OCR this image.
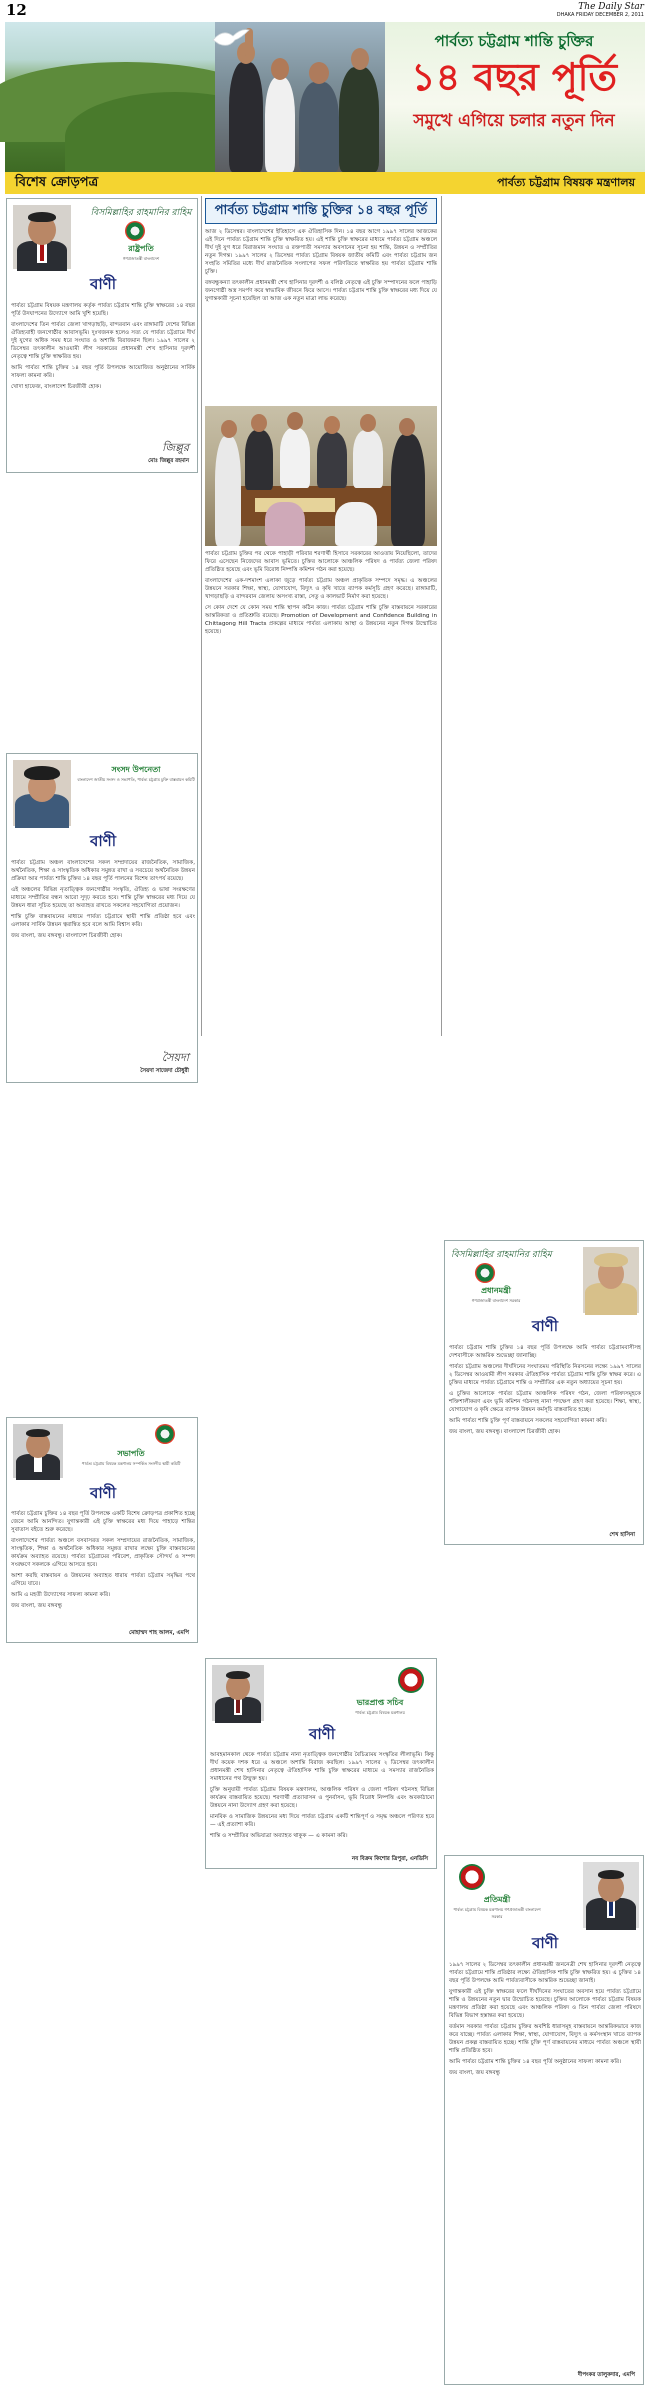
12	The Daily Star
DHAKA FRIDAY DECEMBER 2, 2011
পার্বত্য চট্টগ্রাম শান্তি চুক্তির
১৪ বছর পূর্তি
সমুখে এগিয়ে চলার নতুন দিন
বিশেষ ক্রোড়পত্র	পার্বত্য চট্টগ্রাম বিষয়ক মন্ত্রণালয়
বিসমিল্লাহির রাহমানির রাহিম
রাষ্ট্রপতি
গণপ্রজাতন্ত্রী বাংলাদেশ
বাণী

পার্বত্য চট্টগ্রাম বিষয়ক মন্ত্রণালয় কর্তৃক পার্বত্য চট্টগ্রাম শান্তি চুক্তি স্বাক্ষরের ১৪ বছর পূর্তি উদযাপনের উদ্যোগে আমি খুশি হয়েছি।

বাংলাদেশের তিন পার্বত্য জেলা খাগড়াছড়ি, বান্দরবান এবং রাঙ্গামাটি দেশের বিভিন্ন ঐতিহ্যবাহী জনগোষ্ঠীর আবাসভূমি। দুঃখজনক হলেও সত্য যে পার্বত্য চট্টগ্রামে দীর্ঘ দুই যুগের অধিক সময় ধরে সংঘাত ও অশান্তি বিরাজমান ছিল। ১৯৯৭ সালের ২ ডিসেম্বর তৎকালীন আওয়ামী লীগ সরকারের প্রধানমন্ত্রী শেখ হাসিনার দূরদর্শী নেতৃত্বে শান্তি চুক্তি স্বাক্ষরিত হয়।

আমি পার্বত্য শান্তি চুক্তির ১৪ বছর পূর্তি উপলক্ষে আয়োজিত অনুষ্ঠানের সার্বিক সাফল্য কামনা করি।

খোদা হাফেজ, বাংলাদেশ চিরজীবী হোক।

জিল্লুর
মোঃ জিল্লুর রহমান
সংসদ উপনেতা
বাংলাদেশ জাতীয় সংসদ ও সভাপতি, পার্বত্য চট্টগ্রাম চুক্তি বাস্তবায়ন কমিটি
বাণী

পার্বত্য চট্টগ্রাম অঞ্চল বাংলাদেশের সকল সম্প্রদায়ের রাজনৈতিক, সামাজিক, অর্থনৈতিক, শিক্ষা ও সাংস্কৃতিক অধিকার সমুন্নত রাখা ও সবচেয়ে অর্থনৈতিক উন্নয়ন প্রক্রিয়া আর পার্বত্য শান্তি চুক্তির ১৪ বছর পূর্তি পালনের বিশেষ তাৎপর্য রয়েছে।

এই অঞ্চলের বিভিন্ন নৃতাত্ত্বিক জনগোষ্ঠীর সংস্কৃতি, ঐতিহ্য ও ভাষা সংরক্ষণের মাধ্যমে সম্প্রীতির বন্ধন আরো সুদৃঢ় করতে হবে। শান্তি চুক্তি স্বাক্ষরের মধ্য দিয়ে যে উন্নয়ন ধারা সূচিত হয়েছে তা অব্যাহত রাখতে সকলের সহযোগিতা প্রয়োজন।

শান্তি চুক্তি বাস্তবায়নের মাধ্যমে পার্বত্য চট্টগ্রামে স্থায়ী শান্তি প্রতিষ্ঠা হবে এবং এলাকার সার্বিক উন্নয়ন ত্বরান্বিত হবে বলে আমি বিশ্বাস করি।

জয় বাংলা, জয় বঙ্গবন্ধু। বাংলাদেশ চিরজীবী হোক।

সৈয়দা
সৈয়দা সাজেদা চৌধুরী
সভাপতি
পার্বত্য চট্টগ্রাম বিষয়ক মন্ত্রণালয় সম্পর্কিত সংসদীয় স্থায়ী কমিটি
বাণী

পার্বত্য চট্টগ্রাম চুক্তির ১৪ বছর পূর্তি উপলক্ষে একটি বিশেষ ক্রোড়পত্র প্রকাশিত হচ্ছে জেনে আমি আনন্দিত। যুগান্তকারী এই চুক্তি স্বাক্ষরের মধ্য দিয়ে পাহাড়ে শান্তির সুবাতাস বইতে শুরু করেছে।

বাংলাদেশের পার্বত্য অঞ্চলে বসবাসরত সকল সম্প্রদায়ের রাজনৈতিক, সামাজিক, সাংস্কৃতিক, শিক্ষা ও অর্থনৈতিক অধিকার সমুন্নত রাখার লক্ষ্যে চুক্তি বাস্তবায়নের কার্যক্রম অব্যাহত রয়েছে। পার্বত্য চট্টগ্রামের পরিবেশ, প্রাকৃতিক সৌন্দর্য ও সম্পদ সংরক্ষণে সকলকে এগিয়ে আসতে হবে।

আশা করছি বাস্তবায়ন ও উন্নয়নের অব্যাহত ধারায় পার্বত্য চট্টগ্রাম সমৃদ্ধির পথে এগিয়ে যাবে।

আমি এ মহতী উদ্যোগের সাফল্য কামনা করি।

জয় বাংলা, জয় বঙ্গবন্ধু

মোহাম্মদ শাহ আলম, এমপি
পার্বত্য চট্টগ্রাম শান্তি চুক্তির ১৪ বছর পূর্তি

আজ ২ ডিসেম্বর। বাংলাদেশের ইতিহাসে এক ঐতিহাসিক দিন। ১৪ বছর আগে ১৯৯৭ সালের আজকের এই দিনে পার্বত্য চট্টগ্রাম শান্তি চুক্তি স্বাক্ষরিত হয়। এই শান্তি চুক্তি স্বাক্ষরের মাধ্যমে পার্বত্য চট্টগ্রাম অঞ্চলে দীর্ঘ দুই যুগ ধরে বিরাজমান সংঘাত ও রক্তপাতী সমস্যার অবসানের সূচনা হয় শান্তি, উন্নয়ন ও সম্প্রীতির নতুন দিগন্ত। ১৯৯৭ সালের ২ ডিসেম্বর পার্বত্য চট্টগ্রাম বিষয়ক জাতীয় কমিটি এবং পার্বত্য চট্টগ্রাম জন সংহতি সমিতির মধ্যে দীর্ঘ রাজনৈতিক সংলাপের সফল পরিণতিতে স্বাক্ষরিত হয় পার্বত্য চট্টগ্রাম শান্তি চুক্তি।

বঙ্গবন্ধুকন্যা তৎকালীন প্রধানমন্ত্রী শেখ হাসিনার দূরদর্শী ও বলিষ্ঠ নেতৃত্বে এই চুক্তি সম্পাদনের ফলে পাহাড়ি জনগোষ্ঠী অস্ত্র সমর্পণ করে স্বাভাবিক জীবনে ফিরে আসে। পার্বত্য চট্টগ্রাম শান্তি চুক্তি স্বাক্ষরের মধ্য দিয়ে যে যুগান্তকারী সূচনা হয়েছিল তা আজ এক নতুন মাত্রা লাভ করেছে।

পার্বত্য চট্টগ্রাম চুক্তির পর থেকে পাহাড়ী পরিবার শরণার্থী হিসাবে সরকারের আওতায় নিয়েছিলো, তাদের ফিরে এসেছেন নিজেদের আবাস ভূমিতে। চুক্তির আলোকে আঞ্চলিক পরিষদ ও পার্বত্য জেলা পরিষদ প্রতিষ্ঠিত হয়েছে এবং ভূমি বিরোধ নিষ্পত্তি কমিশন গঠন করা হয়েছে।

বাংলাদেশের এক-দশমাংশ এলাকা জুড়ে পার্বত্য চট্টগ্রাম অঞ্চল প্রাকৃতিক সম্পদে সমৃদ্ধ। এ অঞ্চলের উন্নয়নে সরকার শিক্ষা, স্বাস্থ্য, যোগাযোগ, বিদ্যুৎ ও কৃষি খাতে ব্যাপক কর্মসূচি গ্রহণ করেছে। রাঙ্গামাটি, খাগড়াছড়ি ও বান্দরবান জেলায় অসংখ্য রাস্তা, সেতু ও কালভার্ট নির্মাণ করা হয়েছে।

সে কোন দেশে যে কোন সময় শান্তি স্থাপন কঠিন কাজ। পার্বত্য চট্টগ্রাম শান্তি চুক্তি বাস্তবায়নে সরকারের আন্তরিকতা ও প্রতিশ্রুতি রয়েছে। Promotion of Development and Confidence Building in Chittagong Hill Tracts প্রকল্পের মাধ্যমে পার্বত্য এলাকায় আস্থা ও উন্নয়নের নতুন দিগন্ত উন্মোচিত হয়েছে।

ভারপ্রাপ্ত সচিব
পার্বত্য চট্টগ্রাম বিষয়ক মন্ত্রণালয়
বাণী

আবহমানকাল থেকে পার্বত্য চট্টগ্রাম নানা নৃতাত্ত্বিক জনগোষ্ঠীর বৈচিত্র্যময় সংস্কৃতির লীলাভূমি। কিন্তু দীর্ঘ কয়েক দশক ধরে এ অঞ্চলে অশান্তি বিরাজ করছিল। ১৯৯৭ সালের ২ ডিসেম্বর তৎকালীন প্রধানমন্ত্রী শেখ হাসিনার নেতৃত্বে ঐতিহাসিক শান্তি চুক্তি স্বাক্ষরের মাধ্যমে এ সমস্যার রাজনৈতিক সমাধানের পথ উন্মুক্ত হয়।

চুক্তি অনুযায়ী পার্বত্য চট্টগ্রাম বিষয়ক মন্ত্রণালয়, আঞ্চলিক পরিষদ ও জেলা পরিষদ গঠনসহ বিভিন্ন কার্যক্রম বাস্তবায়িত হয়েছে। শরণার্থী প্রত্যাবাসন ও পুনর্বাসন, ভূমি বিরোধ নিষ্পত্তি এবং অবকাঠামো উন্নয়নে নানা উদ্যোগ গ্রহণ করা হয়েছে।

মানবিক ও সামাজিক উন্নয়নের মধ্য দিয়ে পার্বত্য চট্টগ্রাম একটি শান্তিপূর্ণ ও সমৃদ্ধ অঞ্চলে পরিণত হবে — এই প্রত্যাশা করি।

শান্তি ও সম্প্রীতির অভিযাত্রা অব্যাহত থাকুক — এ কামনা করি।

নব বিক্রম কিশোর ত্রিপুরা, এনডিসি
বিসমিল্লাহির রাহমানির রাহিম
প্রধানমন্ত্রী
গণপ্রজাতন্ত্রী বাংলাদেশ সরকার
বাণী

পার্বত্য চট্টগ্রাম শান্তি চুক্তির ১৪ বছর পূর্তি উপলক্ষে আমি পার্বত্য চট্টগ্রামবাসীসহ দেশবাসীকে আন্তরিক শুভেচ্ছা জানাচ্ছি।

পার্বত্য চট্টগ্রাম অঞ্চলের দীর্ঘদিনের সংঘাতময় পরিস্থিতি নিরসনের লক্ষ্যে ১৯৯৭ সালের ২ ডিসেম্বর আওয়ামী লীগ সরকার ঐতিহাসিক পার্বত্য চট্টগ্রাম শান্তি চুক্তি স্বাক্ষর করে। এ চুক্তির মাধ্যমে পার্বত্য চট্টগ্রামে শান্তি ও সম্প্রীতির এক নতুন অধ্যায়ের সূচনা হয়।

এ চুক্তির আলোকে পার্বত্য চট্টগ্রাম আঞ্চলিক পরিষদ গঠন, জেলা পরিষদসমূহকে শক্তিশালীকরণ এবং ভূমি কমিশন গঠনসহ নানা পদক্ষেপ গ্রহণ করা হয়েছে। শিক্ষা, স্বাস্থ্য, যোগাযোগ ও কৃষি ক্ষেত্রে ব্যাপক উন্নয়ন কর্মসূচি বাস্তবায়িত হচ্ছে।

আমি পার্বত্য শান্তি চুক্তি পূর্ণ বাস্তবায়নে সকলের সহযোগিতা কামনা করি।

জয় বাংলা, জয় বঙ্গবন্ধু। বাংলাদেশ চিরজীবী হোক।

শেখ হাসিনা
প্রতিমন্ত্রী
পার্বত্য চট্টগ্রাম বিষয়ক মন্ত্রণালয় গণপ্রজাতন্ত্রী বাংলাদেশ সরকার
বাণী

১৯৯৭ সালের ২ ডিসেম্বর তৎকালীন প্রধানমন্ত্রী জননেত্রী শেখ হাসিনার দূরদর্শী নেতৃত্বে পার্বত্য চট্টগ্রামে শান্তি প্রতিষ্ঠার লক্ষ্যে ঐতিহাসিক শান্তি চুক্তি স্বাক্ষরিত হয়। এ চুক্তির ১৪ বছর পূর্তি উপলক্ষে আমি পার্বত্যবাসীকে আন্তরিক শুভেচ্ছা জানাই।

যুগান্তকারী এই চুক্তি স্বাক্ষরের ফলে দীর্ঘদিনের সংঘাতের অবসান হয়ে পার্বত্য চট্টগ্রামে শান্তি ও উন্নয়নের নতুন দ্বার উন্মোচিত হয়েছে। চুক্তির আলোকে পার্বত্য চট্টগ্রাম বিষয়ক মন্ত্রণালয় প্রতিষ্ঠা করা হয়েছে এবং আঞ্চলিক পরিষদ ও তিন পার্বত্য জেলা পরিষদে বিভিন্ন বিভাগ হস্তান্তর করা হয়েছে।

বর্তমান সরকার পার্বত্য চট্টগ্রাম চুক্তির অবশিষ্ট ধারাসমূহ বাস্তবায়নে আন্তরিকভাবে কাজ করে যাচ্ছে। পার্বত্য এলাকার শিক্ষা, স্বাস্থ্য, যোগাযোগ, বিদ্যুৎ ও কর্মসংস্থান খাতে ব্যাপক উন্নয়ন প্রকল্প বাস্তবায়িত হচ্ছে। শান্তি চুক্তি পূর্ণ বাস্তবায়নের মাধ্যমে পার্বত্য অঞ্চলে স্থায়ী শান্তি প্রতিষ্ঠিত হবে।

আমি পার্বত্য চট্টগ্রাম শান্তি চুক্তির ১৪ বছর পূর্তি অনুষ্ঠানের সাফল্য কামনা করি।

জয় বাংলা, জয় বঙ্গবন্ধু

দীপংকর তালুকদার, এমপি
